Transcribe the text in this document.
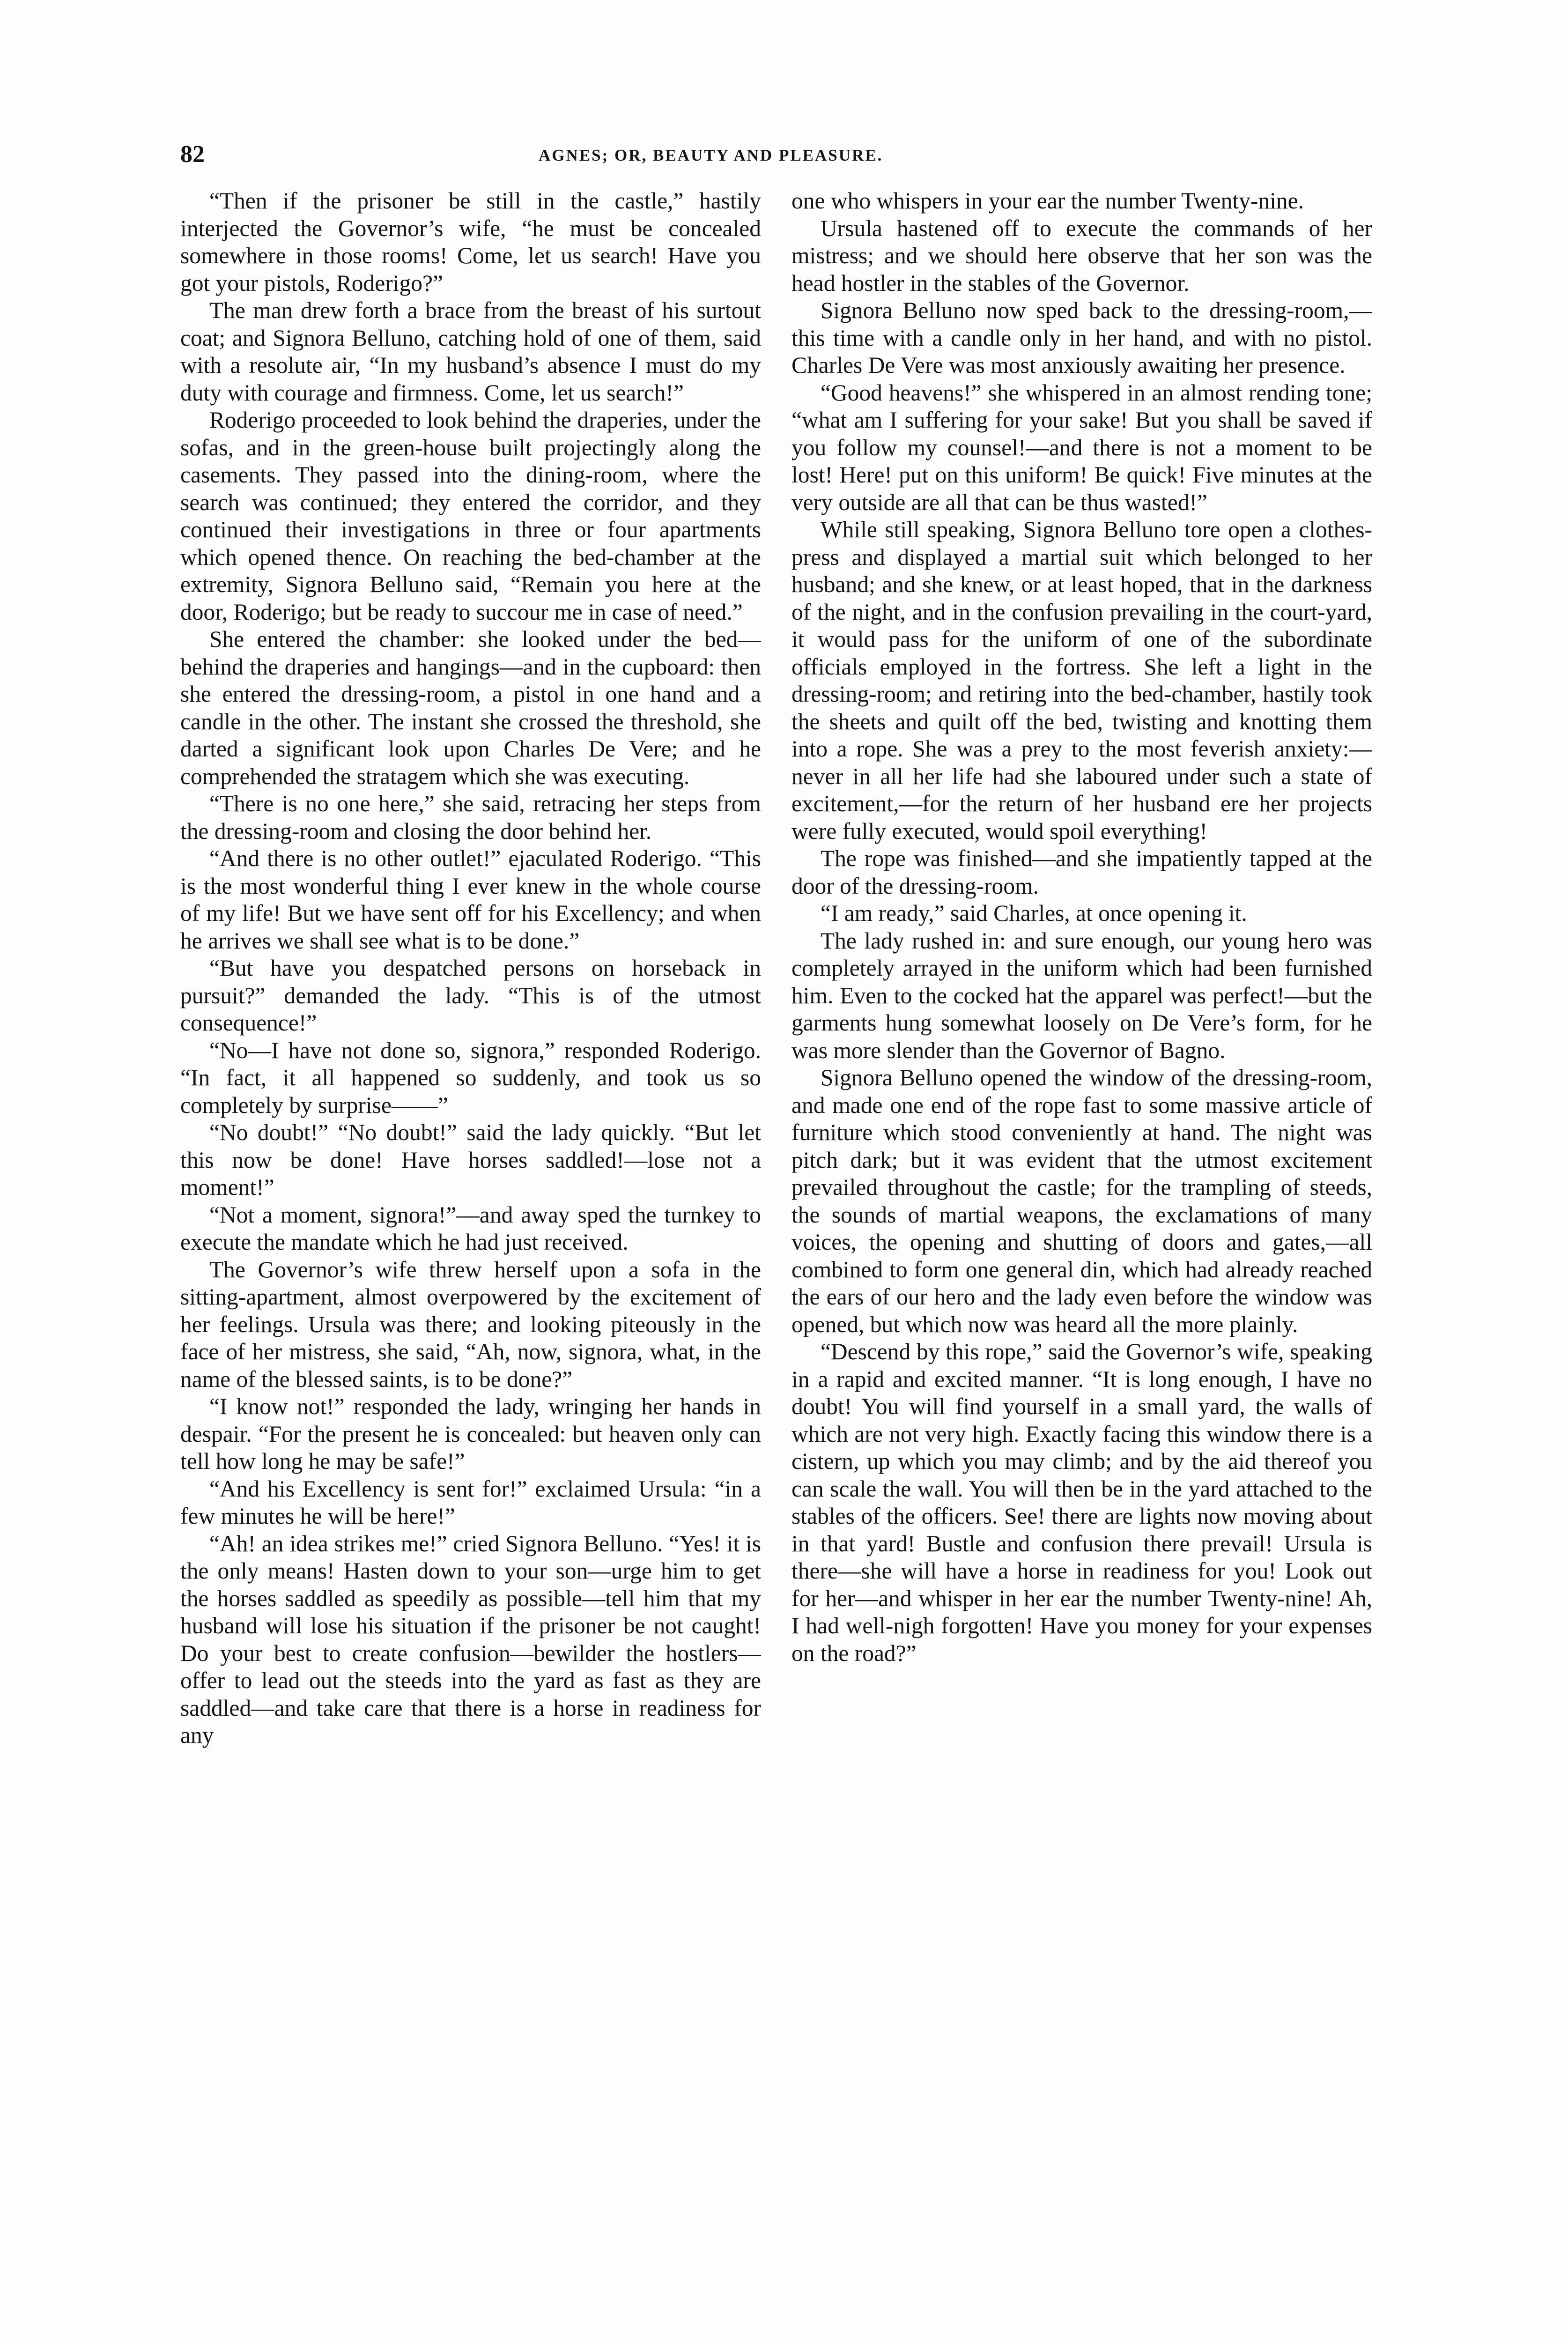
82	AGNES; OR, BEAUTY AND PLEASURE.

“Then if the prisoner be still in the castle,” hastily interjected the Governor’s wife, “he must be concealed somewhere in those rooms! Come, let us search! Have you got your pistols, Roderigo?”

The man drew forth a brace from the breast of his surtout coat; and Signora Belluno, catching hold of one of them, said with a resolute air, “In my husband’s absence I must do my duty with courage and firmness. Come, let us search!”

Roderigo proceeded to look behind the draperies, under the sofas, and in the green-house built projectingly along the casements. They passed into the dining-room, where the search was continued; they entered the corridor, and they continued their investigations in three or four apartments which opened thence. On reaching the bed-chamber at the extremity, Signora Belluno said, “Remain you here at the door, Roderigo; but be ready to succour me in case of need.”

She entered the chamber: she looked under the bed—behind the draperies and hangings—and in the cupboard: then she entered the dressing-room, a pistol in one hand and a candle in the other. The instant she crossed the threshold, she darted a significant look upon Charles De Vere; and he comprehended the stratagem which she was executing.

“There is no one here,” she said, retracing her steps from the dressing-room and closing the door behind her.

“And there is no other outlet!” ejaculated Roderigo. “This is the most wonderful thing I ever knew in the whole course of my life! But we have sent off for his Excellency; and when he arrives we shall see what is to be done.”

“But have you despatched persons on horseback in pursuit?” demanded the lady. “This is of the utmost consequence!”

“No—I have not done so, signora,” responded Roderigo. “In fact, it all happened so suddenly, and took us so completely by surprise——”

“No doubt!” “No doubt!” said the lady quickly. “But let this now be done! Have horses saddled!—lose not a moment!”

“Not a moment, signora!”—and away sped the turnkey to execute the mandate which he had just received.

The Governor’s wife threw herself upon a sofa in the sitting-apartment, almost overpowered by the excitement of her feelings. Ursula was there; and looking piteously in the face of her mistress, she said, “Ah, now, signora, what, in the name of the blessed saints, is to be done?”

“I know not!” responded the lady, wringing her hands in despair. “For the present he is concealed: but heaven only can tell how long he may be safe!”

“And his Excellency is sent for!” exclaimed Ursula: “in a few minutes he will be here!”

“Ah! an idea strikes me!” cried Signora Belluno. “Yes! it is the only means! Hasten down to your son—urge him to get the horses saddled as speedily as possible—tell him that my husband will lose his situation if the prisoner be not caught! Do your best to create confusion—bewilder the hostlers—offer to lead out the steeds into the yard as fast as they are saddled—and take care that there is a horse in readiness for any

one who whispers in your ear the number Twenty-nine.

Ursula hastened off to execute the commands of her mistress; and we should here observe that her son was the head hostler in the stables of the Governor.

Signora Belluno now sped back to the dressing-room,—this time with a candle only in her hand, and with no pistol. Charles De Vere was most anxiously awaiting her presence.

“Good heavens!” she whispered in an almost rending tone; “what am I suffering for your sake! But you shall be saved if you follow my counsel!—and there is not a moment to be lost! Here! put on this uniform! Be quick! Five minutes at the very outside are all that can be thus wasted!”

While still speaking, Signora Belluno tore open a clothes-press and displayed a martial suit which belonged to her husband; and she knew, or at least hoped, that in the darkness of the night, and in the confusion prevailing in the court-yard, it would pass for the uniform of one of the subordinate officials employed in the fortress. She left a light in the dressing-room; and retiring into the bed-chamber, hastily took the sheets and quilt off the bed, twisting and knotting them into a rope. She was a prey to the most feverish anxiety:—never in all her life had she laboured under such a state of excitement,—for the return of her husband ere her projects were fully executed, would spoil everything!

The rope was finished—and she impatiently tapped at the door of the dressing-room.

“I am ready,” said Charles, at once opening it.

The lady rushed in: and sure enough, our young hero was completely arrayed in the uniform which had been furnished him. Even to the cocked hat the apparel was perfect!—but the garments hung somewhat loosely on De Vere’s form, for he was more slender than the Governor of Bagno.

Signora Belluno opened the window of the dressing-room, and made one end of the rope fast to some massive article of furniture which stood conveniently at hand. The night was pitch dark; but it was evident that the utmost excitement prevailed throughout the castle; for the trampling of steeds, the sounds of martial weapons, the exclamations of many voices, the opening and shutting of doors and gates,—all combined to form one general din, which had already reached the ears of our hero and the lady even before the window was opened, but which now was heard all the more plainly.

“Descend by this rope,” said the Governor’s wife, speaking in a rapid and excited manner. “It is long enough, I have no doubt! You will find yourself in a small yard, the walls of which are not very high. Exactly facing this window there is a cistern, up which you may climb; and by the aid thereof you can scale the wall. You will then be in the yard attached to the stables of the officers. See! there are lights now moving about in that yard! Bustle and confusion there prevail! Ursula is there—she will have a horse in readiness for you! Look out for her—and whisper in her ear the number Twenty-nine! Ah, I had well-nigh forgotten! Have you money for your expenses on the road?”
